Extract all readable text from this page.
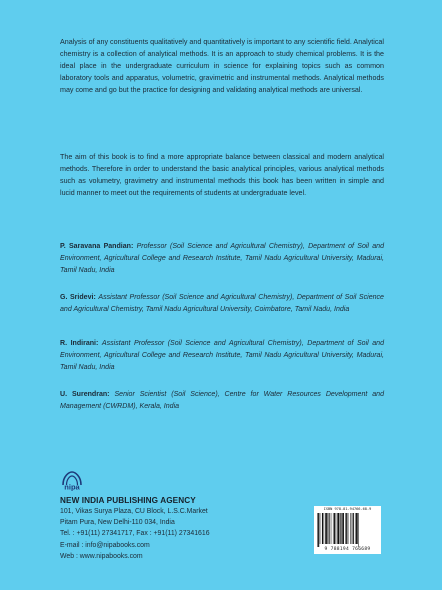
Analysis of any constituents qualitatively and quantitatively is important to any scientific field. Analytical chemistry is a collection of analytical methods. It is an approach to study chemical problems. It is the ideal place in the undergraduate curriculum in science for explaining topics such as common laboratory tools and apparatus, volumetric, gravimetric and instrumental methods. Analytical methods may come and go but the practice for designing and validating analytical methods are universal.

The aim of this book is to find a more appropriate balance between classical and modern analytical methods. Therefore in order to understand the basic analytical principles, various analytical methods such as volumetry, gravimetry and instrumental methods this book has been written in simple and lucid manner to meet out the requirements of students at undergraduate level.

P. Saravana Pandian: Professor (Soil Science and Agricultural Chemistry), Department of Soil and Environment, Agricultural College and Research Institute, Tamil Nadu Agricultural University, Madurai, Tamil Nadu, India

G. Sridevi: Assistant Professor (Soil Science and Agricultural Chemistry), Department of Soil Science and Agricultural Chemistry, Tamil Nadu Agricultural University, Coimbatore, Tamil Nadu, India

R. Indirani: Assistant Professor (Soil Science and Agricultural Chemistry), Department of Soil and Environment, Agricultural College and Research Institute, Tamil Nadu Agricultural University, Madurai, Tamil Nadu, India

U. Surendran: Senior Scientist (Soil Science), Centre for Water Resources Development and Management (CWRDM), Kerala, India

nipa
NEW INDIA PUBLISHING AGENCY
101, Vikas Surya Plaza, CU Block, L.S.C.Market
Pitam Pura, New Delhi-110 034, India
Tel. : +91(11) 27341717, Fax : +91(11) 27341616
E-mail : info@nipabooks.com
Web : www.nipabooks.com
ISBN 978-81-94766-68-9
9 788194 766689
